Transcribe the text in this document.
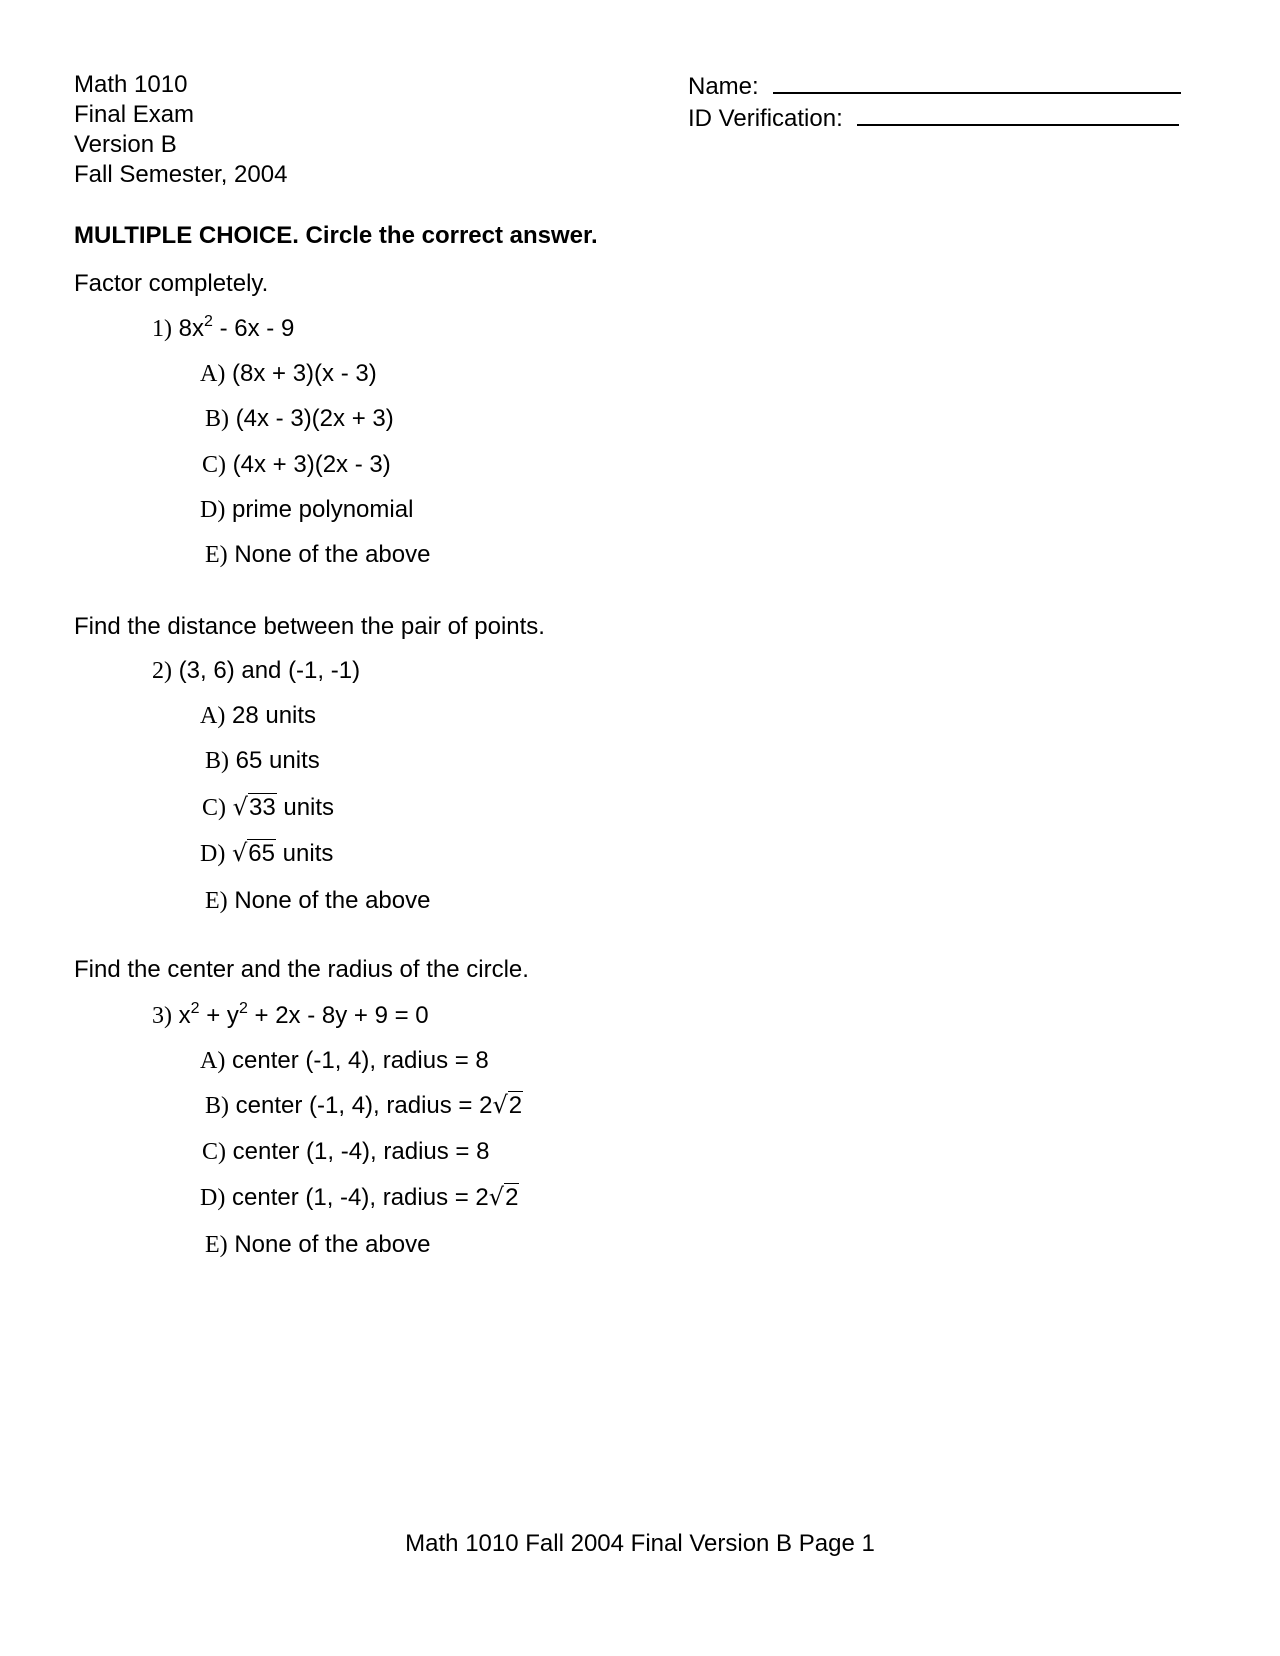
Math 1010
Final Exam
Version B
Fall Semester, 2004
Name:
ID Verification:
MULTIPLE CHOICE. Circle the correct answer.
Factor completely.
1) $8x^2 - 6x - 9$
A) (8x + 3)(x - 3)
B) (4x - 3)(2x + 3)
C) (4x + 3)(2x - 3)
D) prime polynomial
E) None of the above
Find the distance between the pair of points.
2) (3, 6) and (-1, -1)
A) 28 units
B) 65 units
C) √33 units
D) √65 units
E) None of the above
Find the center and the radius of the circle.
3) $x^2 + y^2 + 2x - 8y + 9 = 0$
A) center (-1, 4), radius = 8
B) center (-1, 4), radius = 2√2
C) center (1, -4), radius = 8
D) center (1, -4), radius = 2√2
E) None of the above
Math 1010 Fall 2004 Final Version B Page 1
